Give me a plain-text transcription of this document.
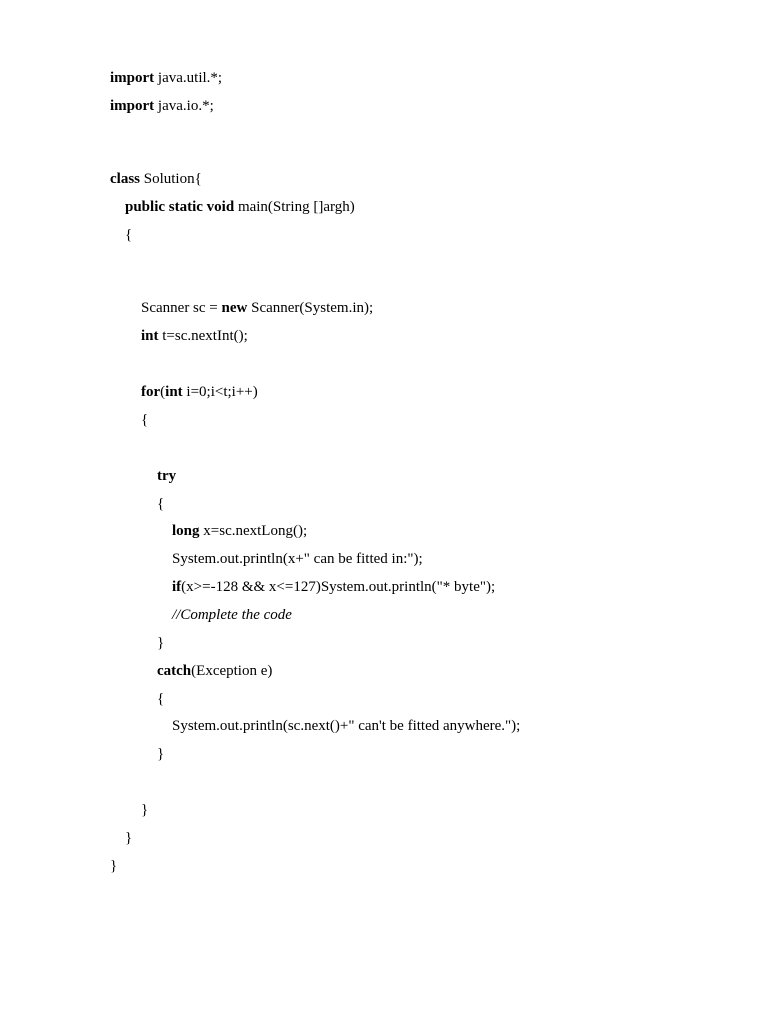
import java.util.*;
import java.io.*;
class Solution{
public static void main(String []argh)
{
Scanner sc = new Scanner(System.in);
int t=sc.nextInt();
for(int i=0;i<t;i++)
{
try
{
long x=sc.nextLong();
System.out.println(x+" can be fitted in:");
if(x>=-128 && x<=127)System.out.println("* byte");
//Complete the code
}
catch(Exception e)
{
System.out.println(sc.next()+" can't be fitted anywhere.");
}
}
}
}
